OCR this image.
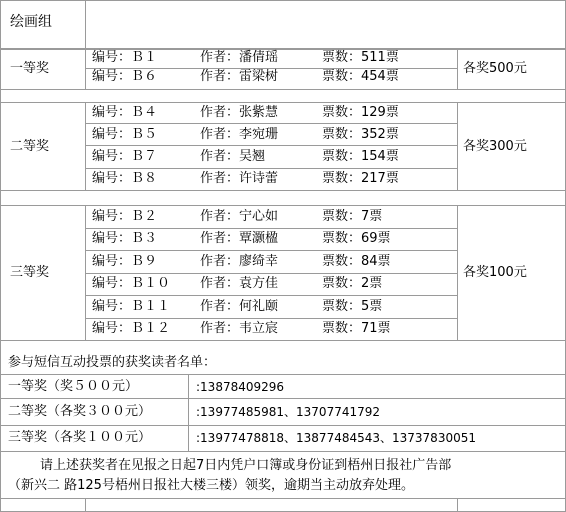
绘画组
一等奖	各奖500元
编号：Ｂ１	作者：潘倩瑶	票数：511票
编号：Ｂ６	作者：雷梁树	票数：454票
二等奖	各奖300元
编号：Ｂ４	作者：张紫慧	票数：129票
编号：Ｂ５	作者：李宛珊	票数：352票
编号：Ｂ７	作者：吴翘	票数：154票
编号：Ｂ８	作者：许诗蕾	票数：217票
三等奖	各奖100元
编号：Ｂ２	作者：宁心如	票数：7票
编号：Ｂ３	作者：覃灏楹	票数：69票
编号：Ｂ９	作者：廖绮幸	票数：84票
编号：Ｂ１０ 作者：袁方佳	票数：2票
编号：Ｂ１１ 作者：何礼颐	票数：5票
编号：Ｂ１２ 作者：韦立宸	票数：71票
参与短信互动投票的获奖读者名单：
一等奖（奖５００元）	:13878409296
二等奖（各奖３００元）	:13977485981、13707741792
三等奖（各奖１００元）	:13977478818、13877484543、13737830051
请上述获奖者在见报之日起7日内凭户口簿或身份证到梧州日报社广告部
（新兴二 路125号梧州日报社大楼三楼）领奖，逾期当主动放弃处理。
